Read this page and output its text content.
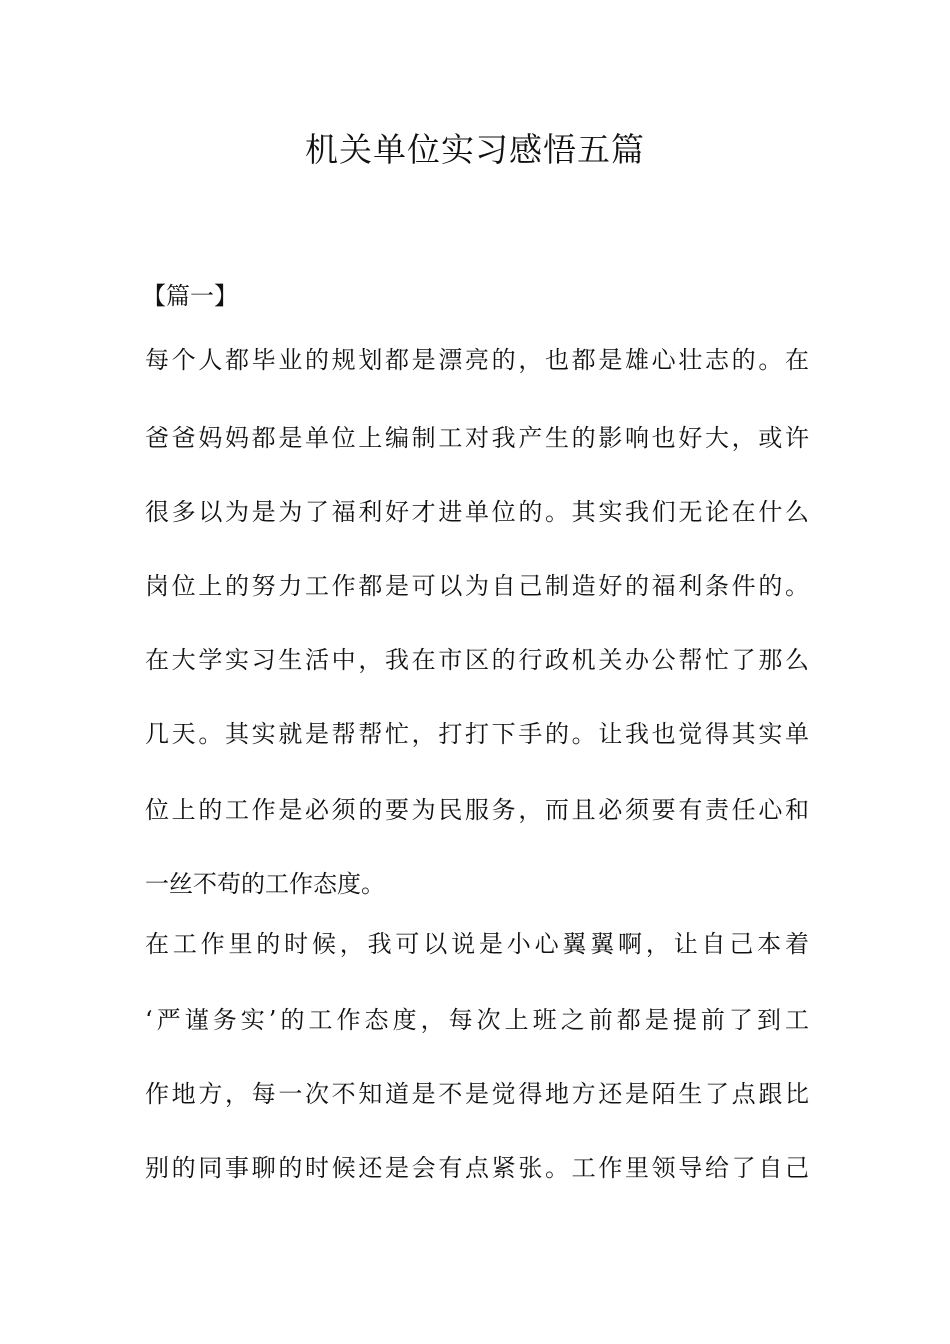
机关单位实习感悟五篇
【篇一】

每个人都毕业的规划都是漂亮的，也都是雄心壮志的。在

爸爸妈妈都是单位上编制工对我产生的影响也好大，或许

很多以为是为了福利好才进单位的。其实我们无论在什么

岗位上的努力工作都是可以为自己制造好的福利条件的。

在大学实习生活中，我在市区的行政机关办公帮忙了那么

几天。其实就是帮帮忙，打打下手的。让我也觉得其实单

位上的工作是必须的要为民服务，而且必须要有责任心和

一丝不苟的工作态度。

在工作里的时候，我可以说是小心翼翼啊，让自己本着

‘严谨务实’的工作态度，每次上班之前都是提前了到工

作地方，每一次不知道是不是觉得地方还是陌生了点跟比

别的同事聊的时候还是会有点紧张。工作里领导给了自己
